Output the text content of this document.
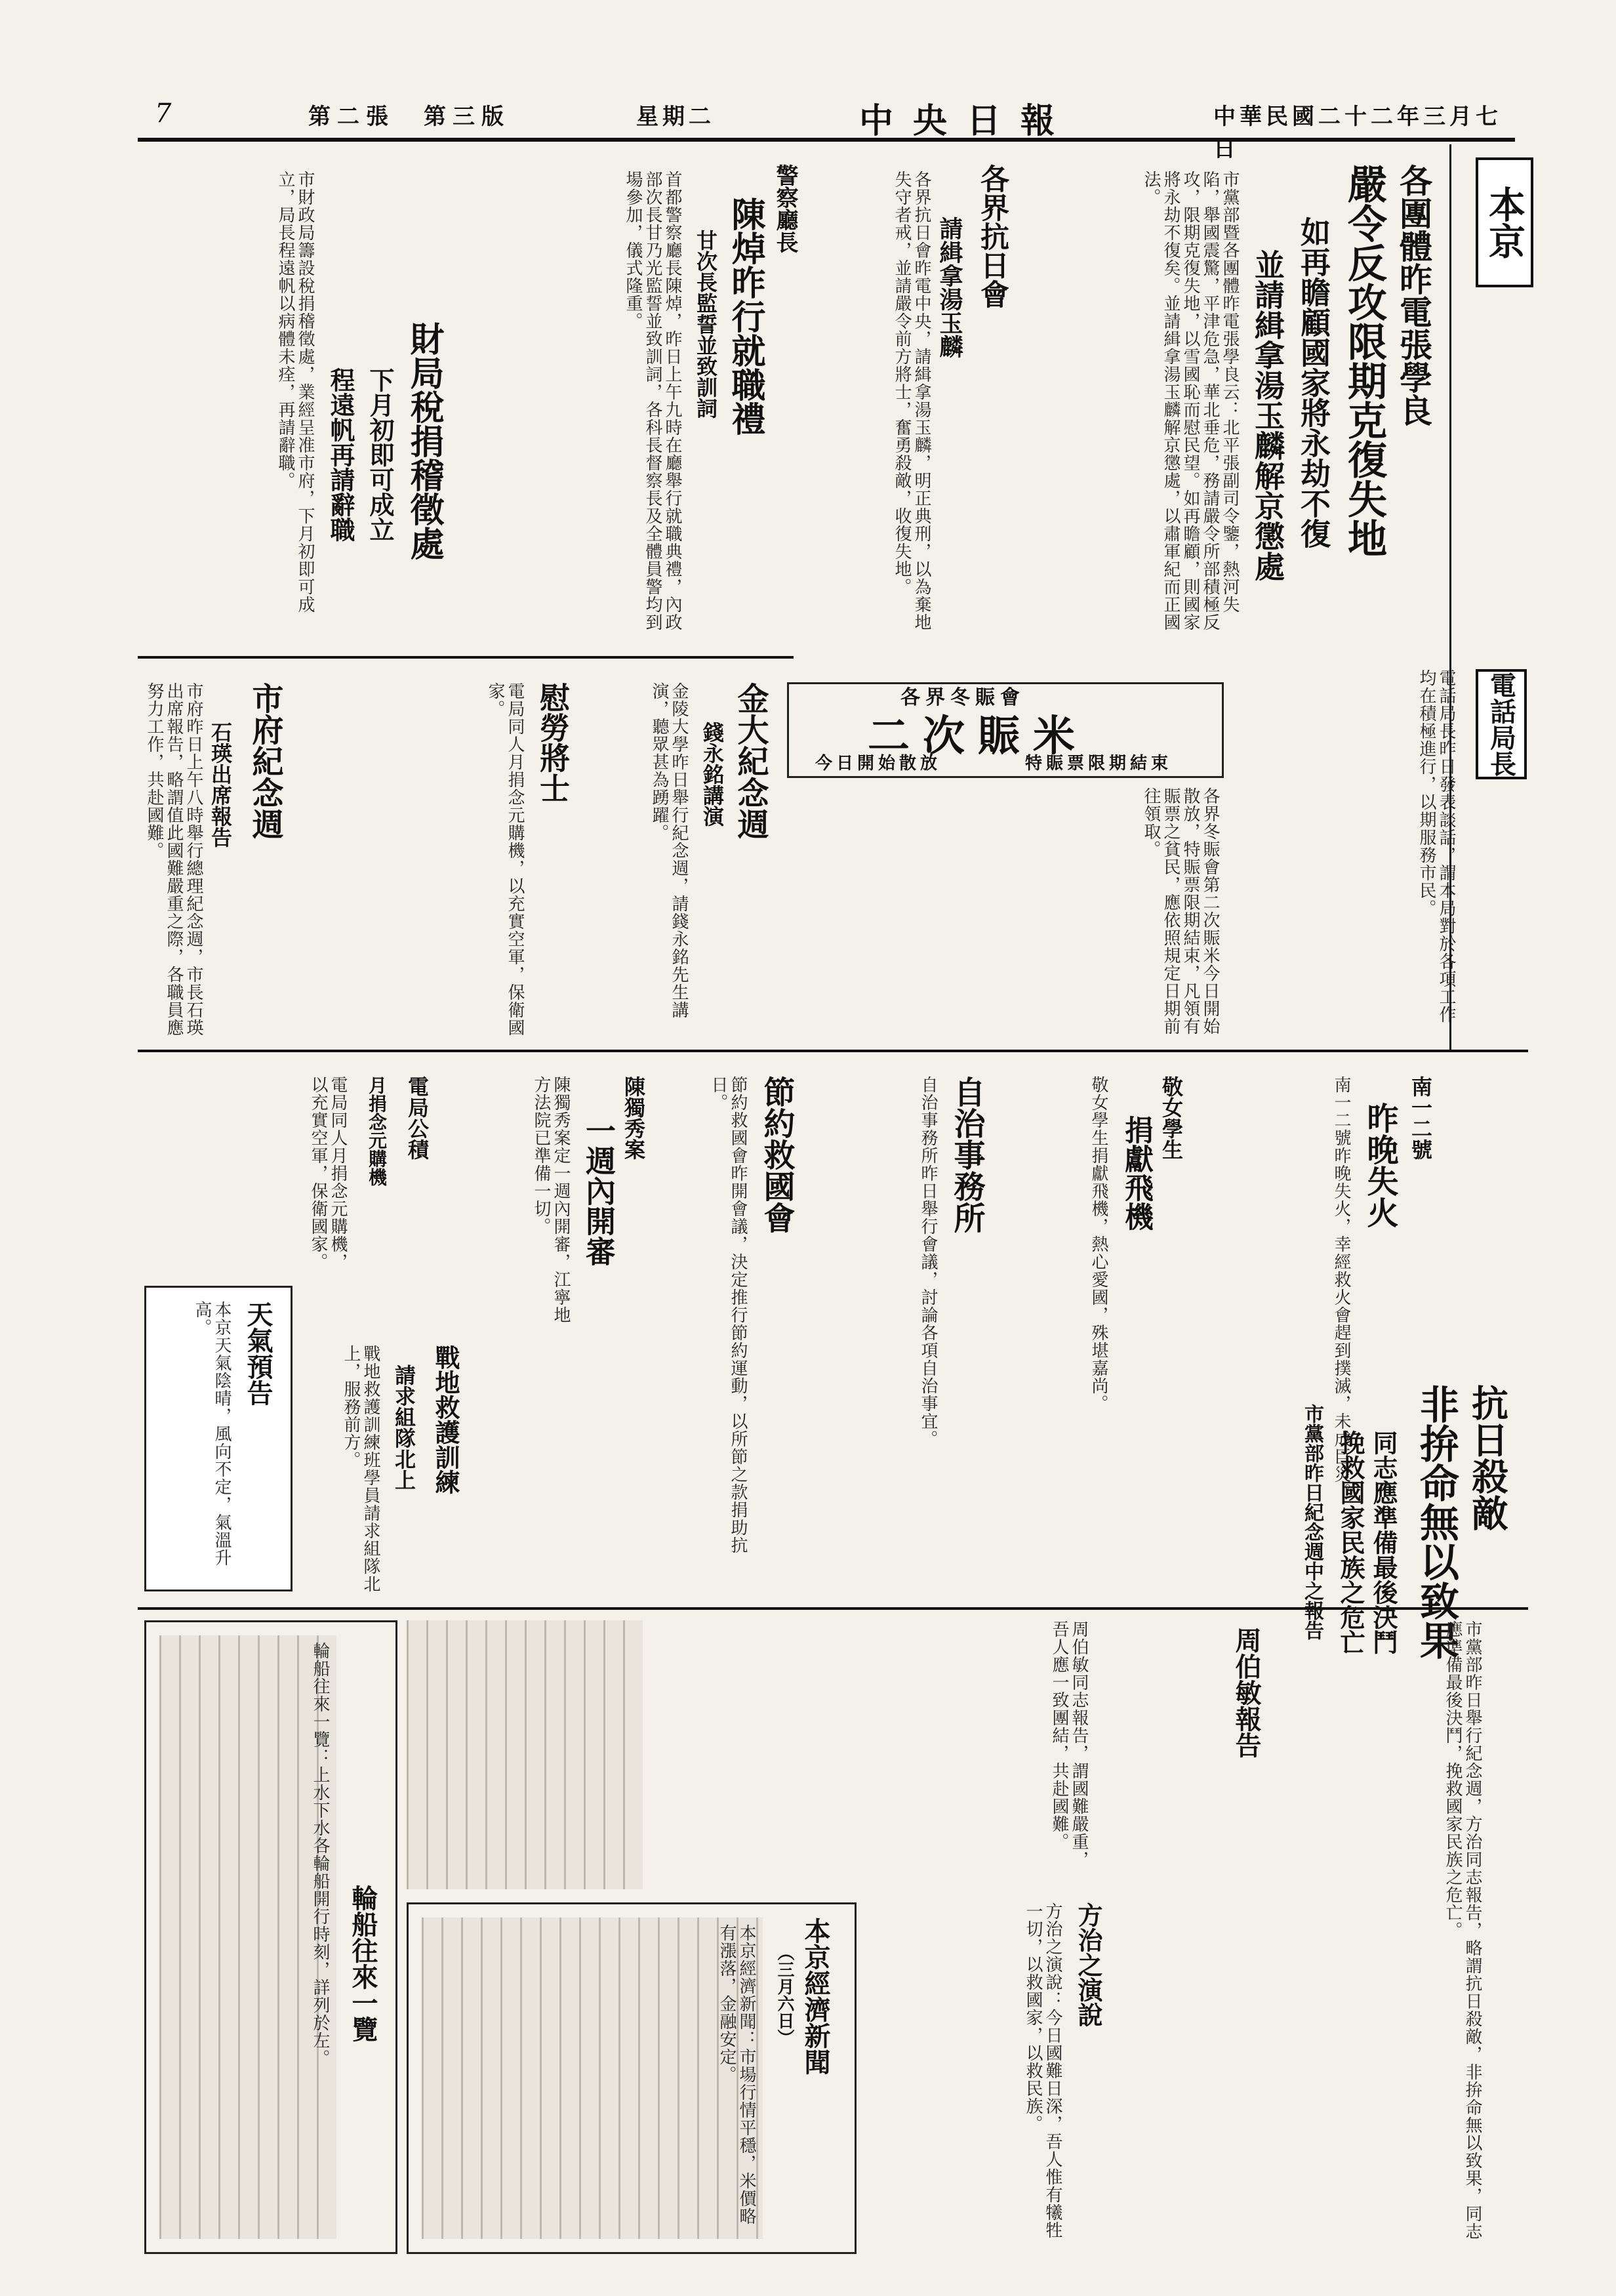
第二張　第三版	星期二	中央日報	中華民國二十二年三月七日
7
本京
各團體昨電張學良
嚴令反攻限期克復失地
如再瞻顧國家將永劫不復
並請緝拿湯玉麟解京懲處
市黨部暨各團體昨電張學良云：北平張副司令鑒，熱河失陷，舉國震驚，平津危急，華北垂危，務請嚴令所部積極反攻，限期克復失地，以雪國恥而慰民望。如再瞻顧，則國家將永劫不復矣。並請緝拿湯玉麟解京懲處，以肅軍紀而正國法。
各界抗日會
請緝拿湯玉麟
各界抗日會昨電中央，請緝拿湯玉麟，明正典刑，以為棄地失守者戒，並請嚴令前方將士，奮勇殺敵，收復失地。
警察廳長
陳焯昨行就職禮
甘次長監誓並致訓詞
首都警察廳長陳焯，昨日上午九時在廳舉行就職典禮，內政部次長甘乃光監誓並致訓詞，各科長督察長及全體員警均到場參加，儀式隆重。
財局稅捐稽徵處
下月初即可成立
程遠帆再請辭職
市財政局籌設稅捐稽徵處，業經呈准市府，下月初即可成立，局長程遠帆以病體未痊，再請辭職。
電話局長
電話局長昨日發表談話，謂本局對於各項工作均在積極進行，以期服務市民。
二次賑米
各界冬賑會
今日開始散放	特賑票限期結束
各界冬賑會第二次賑米今日開始散放，特賑票限期結束，凡領有賑票之貧民，應依照規定日期前往領取。
金大紀念週
錢永銘講演
金陵大學昨日舉行紀念週，請錢永銘先生講演，聽眾甚為踴躍。
慰勞將士
電局同人月捐念元購機，以充實空軍，保衛國家。
市府紀念週
石瑛出席報告
市府昨日上午八時舉行總理紀念週，市長石瑛出席報告，略謂值此國難嚴重之際，各職員應努力工作，共赴國難。
南一二號
昨晚失火
南一二號昨晚失火，幸經救火會趕到撲滅，未成巨災。
敬女學生
捐獻飛機
敬女學生捐獻飛機，熱心愛國，殊堪嘉尚。
自治事務所
自治事務所昨日舉行會議，討論各項自治事宜。
節約救國會
節約救國會昨開會議，決定推行節約運動，以所節之款捐助抗日。
陳獨秀案
一週內開審
陳獨秀案定一週內開審，江寧地方法院已準備一切。
戰地救護訓練
請求組隊北上
戰地救護訓練班學員請求組隊北上，服務前方。
電局公積
月捐念元購機
電局同人月捐念元購機，以充實空軍，保衛國家。
天氣預告
本京天氣陰晴，風向不定，氣溫升高。
抗日殺敵
非拚命無以致果
同志應準備最後決鬥
挽救國家民族之危亡
市黨部昨日紀念週中之報告
市黨部昨日舉行紀念週，方治同志報告，略謂抗日殺敵，非拚命無以致果，同志應準備最後決鬥，挽救國家民族之危亡。
方治之演說
方治之演說：今日國難日深，吾人惟有犧牲一切，以救國家，以救民族。
周伯敏報告
周伯敏同志報告，謂國難嚴重，吾人應一致團結，共赴國難。
本京經濟新聞
（三月六日）
本京經濟新聞：市場行情平穩，米價略有漲落，金融安定。
輪船往來一覽
輪船往來一覽：上水下水各輪船開行時刻，詳列於左。
